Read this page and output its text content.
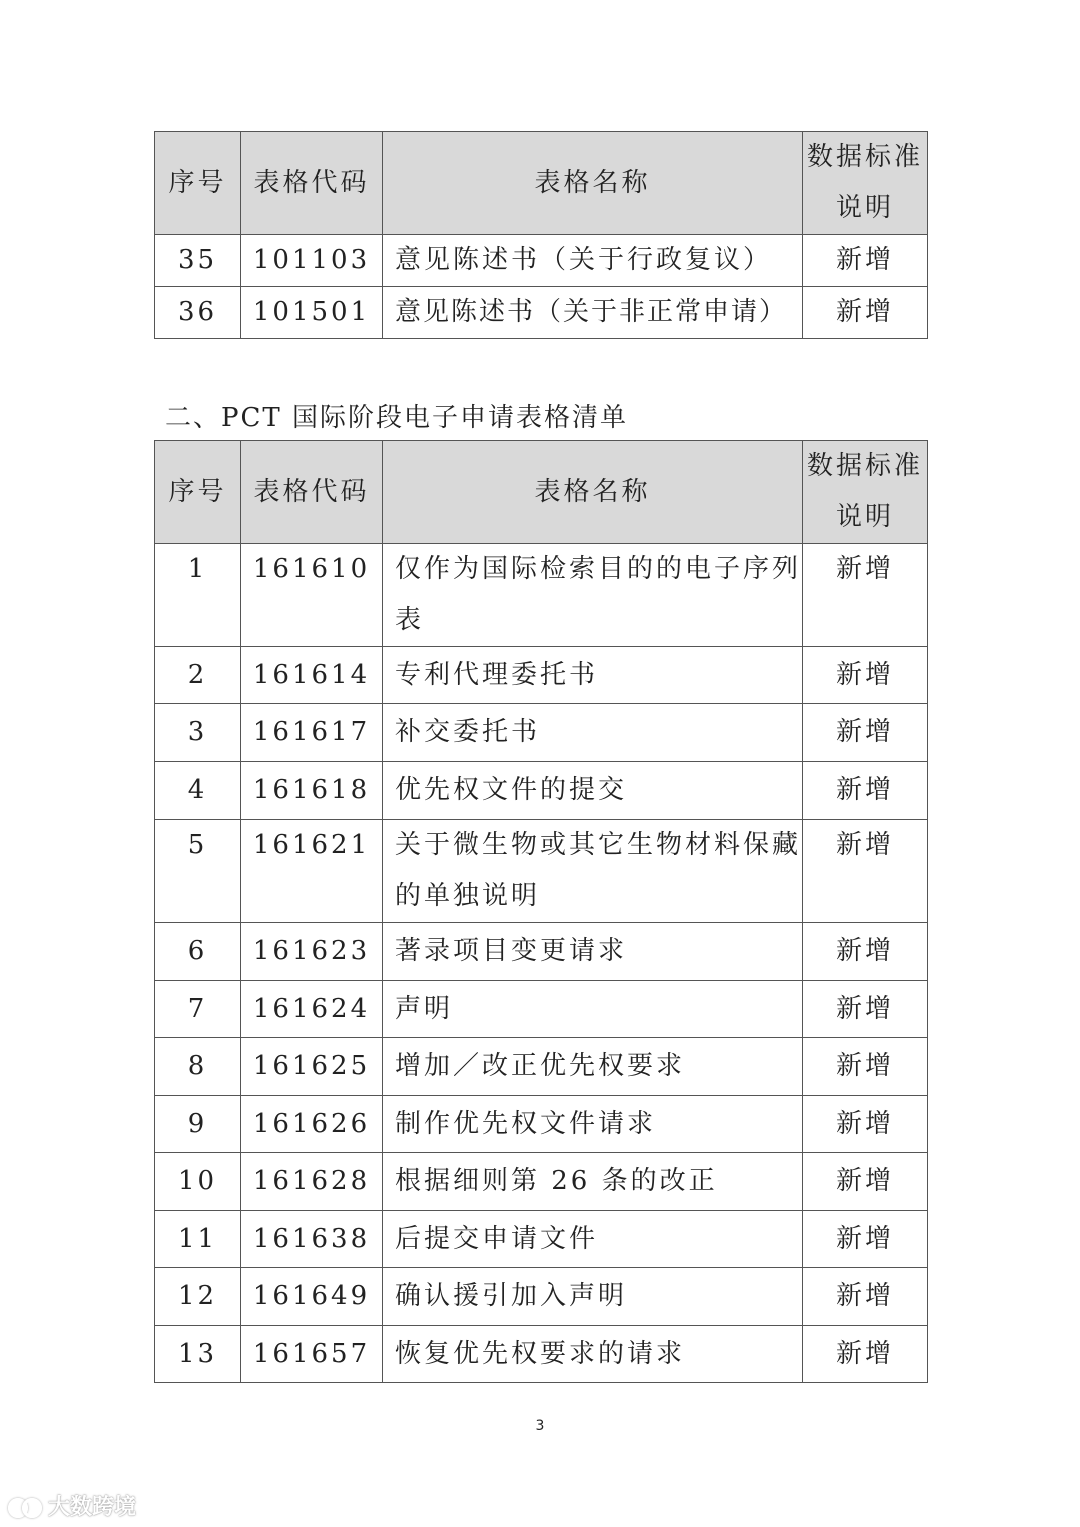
序号	表格代码	表格名称	数据标准说明
35	101103	意见陈述书（关于行政复议）	新增
36	101501	意见陈述书（关于非正常申请）	新增
二、PCT 国际阶段电子申请表格清单
序号	表格代码	表格名称	数据标准说明
1	161610	仅作为国际检索目的的电子序列表	新增
2	161614	专利代理委托书	新增
3	161617	补交委托书	新增
4	161618	优先权文件的提交	新增
5	161621	关于微生物或其它生物材料保藏的单独说明	新增
6	161623	著录项目变更请求	新增
7	161624	声明	新增
8	161625	增加／改正优先权要求	新增
9	161626	制作优先权文件请求	新增
10	161628	根据细则第 26 条的改正	新增
11	161638	后提交申请文件	新增
12	161649	确认援引加入声明	新增
13	161657	恢复优先权要求的请求	新增
3
大数跨境
